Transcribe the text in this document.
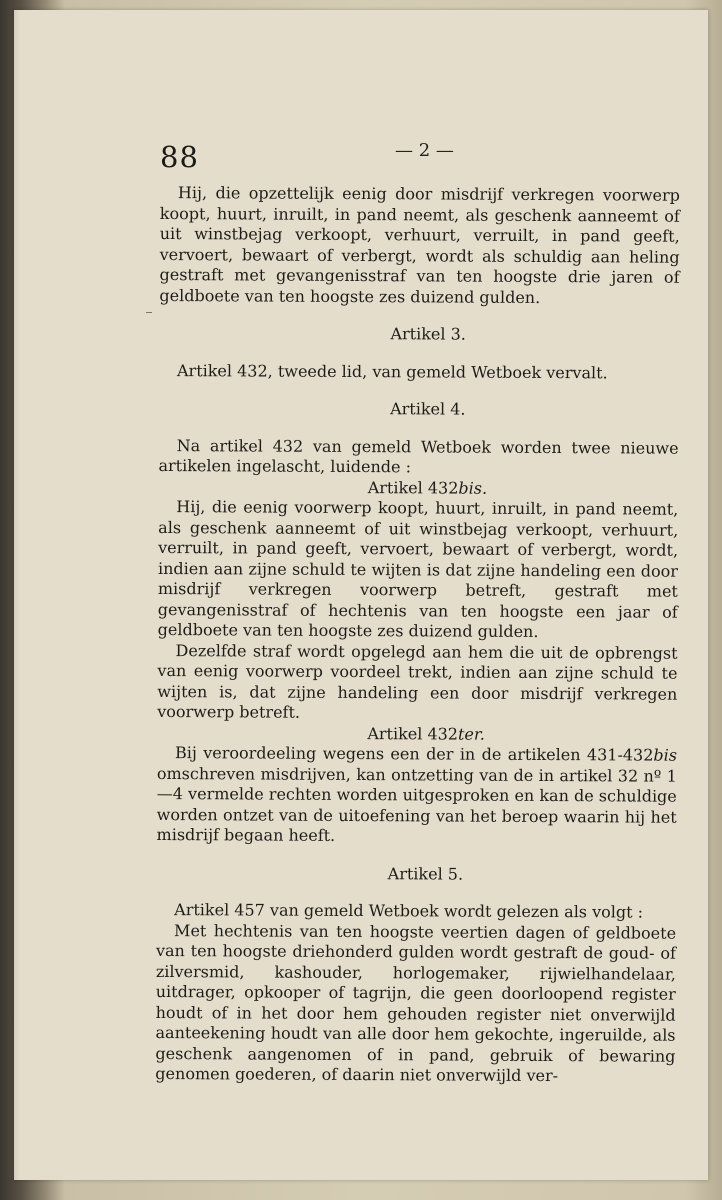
88	— 2 —

Hij, die opzettelijk eenig door misdrijf verkregen voorwerp koopt, huurt, inruilt, in pand neemt, als geschenk aanneemt of uit winstbejag verkoopt, verhuurt, verruilt, in pand geeft, vervoert, bewaart of verbergt, wordt als schuldig aan heling gestraft met gevangenisstraf van ten hoogste drie jaren of geldboete van ten hoogste zes duizend gulden.

Artikel 3.

Artikel 432, tweede lid, van gemeld Wetboek vervalt.

Artikel 4.

Na artikel 432 van gemeld Wetboek worden twee nieuwe artikelen ingelascht, luidende :

Artikel 432bis.

Hij, die eenig voorwerp koopt, huurt, inruilt, in pand neemt, als geschenk aanneemt of uit winstbejag verkoopt, verhuurt, verruilt, in pand geeft, vervoert, bewaart of verbergt, wordt, indien aan zijne schuld te wijten is dat zijne handeling een door misdrijf verkregen voorwerp betreft, gestraft met gevangenisstraf of hechtenis van ten hoogste een jaar of geldboete van ten hoogste zes duizend gulden.

Dezelfde straf wordt opgelegd aan hem die uit de opbrengst van eenig voorwerp voordeel trekt, indien aan zijne schuld te wijten is, dat zijne handeling een door misdrijf verkregen voorwerp betreft.

Artikel 432ter.

Bij veroordeeling wegens een der in de artikelen 431-432bis omschreven misdrijven, kan ontzetting van de in artikel 32 nº 1—4 vermelde rechten worden uitgesproken en kan de schuldige worden ontzet van de uitoefening van het beroep waarin hij het misdrijf begaan heeft.

Artikel 5.

Artikel 457 van gemeld Wetboek wordt gelezen als volgt :

Met hechtenis van ten hoogste veertien dagen of geldboete van ten hoogste driehonderd gulden wordt gestraft de goud- of zilversmid, kashouder, horlogemaker, rijwielhandelaar, uitdrager, opkooper of tagrijn, die geen doorloopend register houdt of in het door hem gehouden register niet onverwijld aanteekening houdt van alle door hem gekochte, ingeruilde, als geschenk aangenomen of in pand, gebruik of bewaring genomen goederen, of daarin niet onverwijld ver-
